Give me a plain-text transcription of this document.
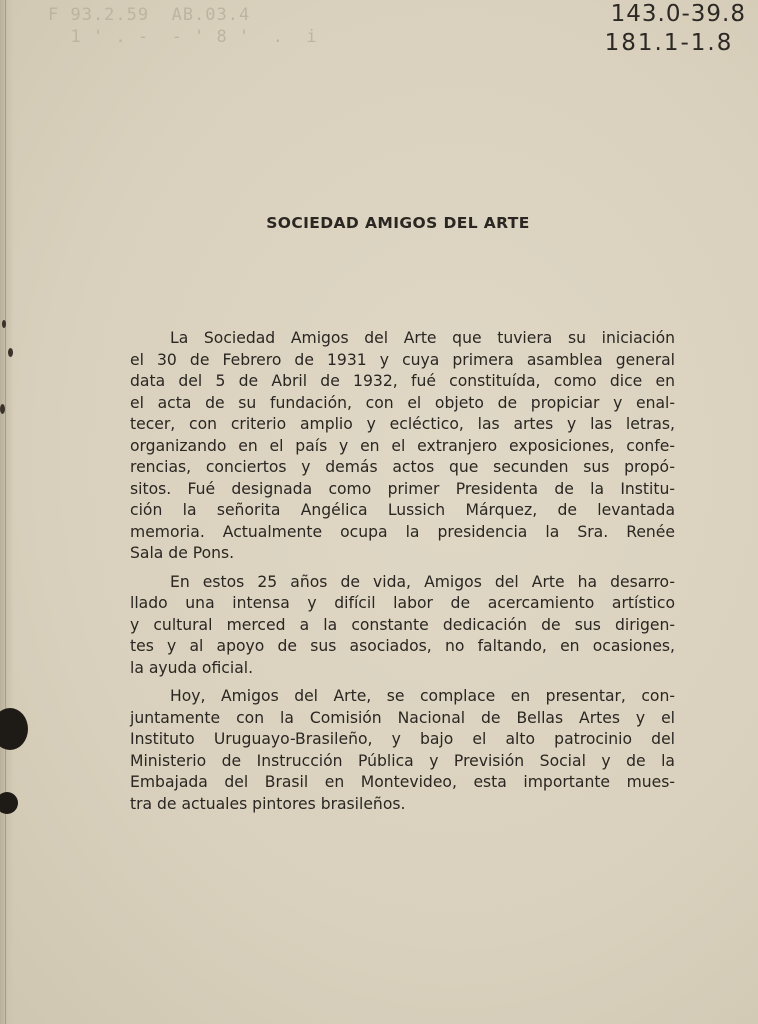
F 93.2.59  AB.03.4
1 ' . -  - ' 8 '  .  i
143.0-39.8
181.1-1.8
SOCIEDAD AMIGOS DEL ARTE
La Sociedad Amigos del Arte que tuviera su iniciación
el 30 de Febrero de 1931 y cuya primera asamblea general
data del 5 de Abril de 1932, fué constituída, como dice en
el acta de su fundación, con el objeto de propiciar y enal-
tecer, con criterio amplio y ecléctico, las artes y las letras,
organizando en el país y en el extranjero exposiciones, confe-
rencias, conciertos y demás actos que secunden sus propó-
sitos. Fué designada como primer Presidenta de la Institu-
ción la señorita Angélica Lussich Márquez, de levantada
memoria. Actualmente ocupa la presidencia la Sra. Renée
Sala de Pons.
En estos 25 años de vida, Amigos del Arte ha desarro-
llado una intensa y difícil labor de acercamiento artístico
y cultural merced a la constante dedicación de sus dirigen-
tes y al apoyo de sus asociados, no faltando, en ocasiones,
la ayuda oficial.
Hoy, Amigos del Arte, se complace en presentar, con-
juntamente con la Comisión Nacional de Bellas Artes y el
Instituto Uruguayo-Brasileño, y bajo el alto patrocinio del
Ministerio de Instrucción Pública y Previsión Social y de la
Embajada del Brasil en Montevideo, esta importante mues-
tra de actuales pintores brasileños.
